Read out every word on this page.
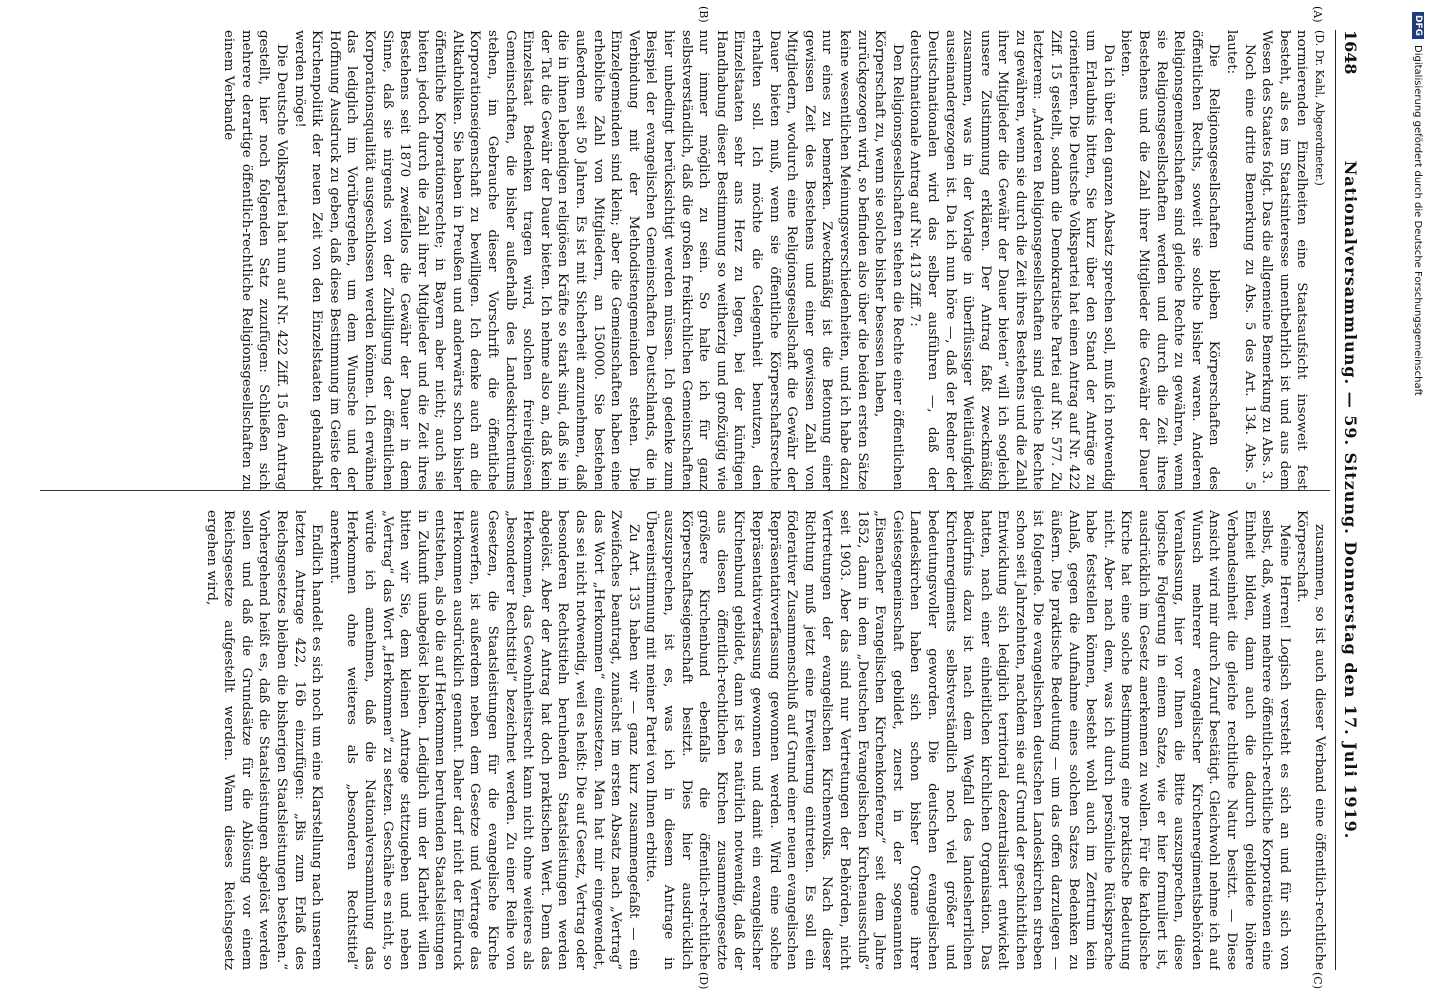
1648
Nationalversammlung. — 59. Sitzung. Donnerstag den 17. Juli 1919.
(A)
(B)
(C)
(D)

(D. Dr. Kahl, Abgeordneter.)

normierenden Einzelheiten eine Staatsaufsicht insoweit fest besteht, als es im Staatsinteresse unentbehrlich ist und aus dem Wesen des Staates folgt. Das die allgemeine Bemerkung zu Abs. 3.

Noch eine dritte Bemerkung zu Abs. 5 des Art. 134. Abs. 5 lautet:

Die Religionsgesellschaften bleiben Körperschaften des öffentlichen Rechts, soweit sie solche bisher waren. Anderen Religionsgemeinschaften sind gleiche Rechte zu gewähren, wenn sie Religionsgesellschaften werden und durch die Zeit ihres Bestehens und die Zahl ihrer Mitglieder die Gewähr der Dauer bieten.

Da ich über den ganzen Absatz sprechen soll, muß ich notwendig um Erlaubnis bitten, Sie kurz über den Stand der Anträge zu orientieren. Die Deutsche Volkspartei hat einen Antrag auf Nr. 422 Ziff. 15 gestellt, sodann die Demokratische Partei auf Nr. 577. Zu letzterem: „Anderen Religionsgesellschaften sind gleiche Rechte zu gewähren, wenn sie durch die Zeit ihres Bestehens und die Zahl ihrer Mitglieder die Gewähr der Dauer bieten“ will ich sogleich unsere Zustimmung erklären. Der Antrag faßt zweckmäßig zusammen, was in der Vorlage in überflüssiger Weitläufigkeit auseinandergezogen ist. Da ich nun höre —, daß der Redner der Deutschnationalen wird das selber ausführen —, daß der deutschnationale Antrag auf Nr. 413 Ziff. 7:

Den Religionsgesellschaften stehen die Rechte einer öffentlichen Körperschaft zu, wenn sie solche bisher besessen haben,

zurückgezogen wird, so befinden also über die beiden ersten Sätze keine wesentlichen Meinungsverschiedenheiten, und ich habe dazu nur eines zu bemerken. Zweckmäßig ist die Betonung einer gewissen Zeit des Bestehens und einer gewissen Zahl von Mitgliedern, wodurch eine Religionsgesellschaft die Gewähr der Dauer bieten muß, wenn sie öffentliche Körperschaftsrechte erhalten soll. Ich möchte die Gelegenheit benutzen, den Einzelstaaten sehr ans Herz zu legen, bei der künftigen Handhabung dieser Bestimmung so weitherzig und großzügig wie nur immer möglich zu sein. So halte ich für ganz selbstverständlich, daß die großen freikirchlichen Gemeinschaften hier unbedingt berücksichtigt werden müssen. Ich gedenke zum Beispiel der evangelischen Gemeinschaften Deutschlands, die in Verbindung mit der Methodistengemeinden stehen. Die Einzelgemeinden sind klein; aber die Gemeinschaften haben eine erhebliche Zahl von Mitgliedern, an 150000. Sie bestehen außerdem seit 50 Jahren. Es ist mit Sicherheit anzunehmen, daß die in ihnen lebendigen religiösen Kräfte so stark sind, daß sie in der Tat die Gewähr der Dauer bieten. Ich nehme also an, daß kein Einzelstaat Bedenken tragen wird, solchen freireligiösen Gemeinschaften, die bisher außerhalb des Landeskirchentums stehen, im Gebrauche dieser Vorschrift die öffentliche Korporationseigenschaft zu bewilligen. Ich denke auch an die Altkatholiken. Sie haben in Preußen und anderwärts schon bisher öffentliche Korporationsrechte; in Bayern aber nicht; auch sie bieten jedoch durch die Zahl ihrer Mitglieder und die Zeit ihres Bestehens seit 1870 zweifellos die Gewähr der Dauer in dem Sinne, daß sie nirgends von der Zubilligung der öffentlichen Korporationsqualität ausgeschlossen werden können. Ich erwähne das lediglich im Vorübergehen, um dem Wunsche und der Hoffnung Ausdruck zu geben, daß diese Bestimmung im Geiste der Kirchenpolitik der neuen Zeit von den Einzelstaaten gehandhabt werden möge!

Die Deutsche Volkspartei hat nun auf Nr. 422 Ziff. 15 den Antrag gestellt, hier noch folgenden Satz zuzufügen: Schließen sich mehrere derartige öffentlich-rechtliche Religionsgesellschaften zu einem Verbande

zusammen, so ist auch dieser Verband eine öffentlich-rechtliche Körperschaft.

Meine Herren! Logisch versteht es sich an und für sich von selbst, daß, wenn mehrere öffentlich-rechtliche Korporationen eine Einheit bilden, dann auch die dadurch gebildete höhere Verbandseinheit die gleiche rechtliche Natur besitzt. — Diese Ansicht wird mir durch Zuruf bestätigt. Gleichwohl nehme ich auf Wunsch mehrerer evangelischer Kirchenregimentsbehörden Veranlassung, hier vor Ihnen die Bitte auszusprechen, diese logische Folgerung in einem Satze, wie er hier formuliert ist, ausdrücklich im Gesetz anerkennen zu wollen. Für die katholische Kirche hat eine solche Bestimmung eine praktische Bedeutung nicht. Aber nach dem, was ich durch persönliche Rücksprache habe feststellen können, besteht wohl auch im Zentrum kein Anlaß, gegen die Aufnahme eines solchen Satzes Bedenken zu äußern. Die praktische Bedeutung — um das offen darzulegen — ist folgende. Die evangelischen deutschen Landeskirchen streben schon seit Jahrzehnten, nachdem sie auf Grund der geschichtlichen Entwicklung sich lediglich territorial dezentralisiert entwickelt hatten, nach einer einheitlichen kirchlichen Organisation. Das Bedürfnis dazu ist nach dem Wegfall des landesherrlichen Kirchenregiments selbstverständlich noch viel größer und bedeutungsvoller geworden. Die deutschen evangelischen Landeskirchen haben sich schon bisher Organe ihrer Geistesgemeinschaft gebildet, zuerst in der sogenannten „Eisenacher Evangelischen Kirchenkonferenz“ seit dem Jahre 1852, dann in dem „Deutschen Evangelischen Kirchenausschuß“ seit 1903. Aber das sind nur Vertretungen der Behörden, nicht Vertretungen der evangelischen Kirchenvolks. Nach dieser Richtung muß jetzt eine Erweiterung eintreten. Es soll ein föderativer Zusammenschluß auf Grund einer neuen evangelischen Repräsentativverfassung gewonnen werden. Wird eine solche Repräsentativverfassung gewonnen und damit ein evangelischer Kirchenbund gebildet, dann ist es natürlich notwendig, daß der aus diesen öffentlich-rechtlichen Kirchen zusammengesetzte größere Kirchenbund ebenfalls die öffentlich-rechtliche Körperschaftseigenschaft besitzt. Dies hier ausdrücklich auszusprechen, ist es, was ich in diesem Antrage in Übereinstimmung mit meiner Partei von Ihnen erbitte.

Zu Art. 135 haben wir — ganz kurz zusammengefaßt — ein Zweifaches beantragt, zunächst im ersten Absatz nach „Vertrag“ das Wort „Herkommen“ einzusetzen. Man hat mir eingewendet, das sei nicht notwendig, weil es heißt: Die auf Gesetz, Vertrag oder besonderen Rechtstiteln beruhenden Staatsleistungen werden abgelöst. Aber der Antrag hat doch praktischen Wert. Denn das Herkommen, das Gewohnheitsrecht kann nicht ohne weiteres als „besonderer Rechtstitel“ bezeichnet werden. Zu einer Reihe von Gesetzen, die Staatsleistungen für die evangelische Kirche auswerfen, ist außerdem neben dem Gesetze und Vertrage das Herkommen ausdrücklich genannt. Daher darf nicht der Eindruck entstehen, als ob die auf Herkommen beruhenden Staatsleistungen in Zukunft unabgelöst bleiben. Lediglich um der Klarheit willen bitten wir Sie, dem kleinen Antrage stattzugeben und neben „Vertrag“ das Wort „Herkommen“ zu setzen. Geschähe es nicht, so würde ich annehmen, daß die Nationalversammlung das Herkommen ohne weiteres als „besonderen Rechtstitel“ anerkennt.

Endlich handelt es sich noch um eine Klarstellung nach unserem letzten Antrage 422, 16b einzufügen: „Bis zum Erlaß des Reichsgesetzes bleiben die bisherigen Staatsleistungen bestehen.“ Vorhergehend heißt es, daß die Staatsleistungen abgelöst werden sollen und daß die Grundsätze für die Ablösung vor einem Reichsgesetze aufgestellt werden. Wann dieses Reichsgesetz ergehen wird,

DFGDigitalisierung gefördert durch die Deutsche Forschungsgemeinschaft
